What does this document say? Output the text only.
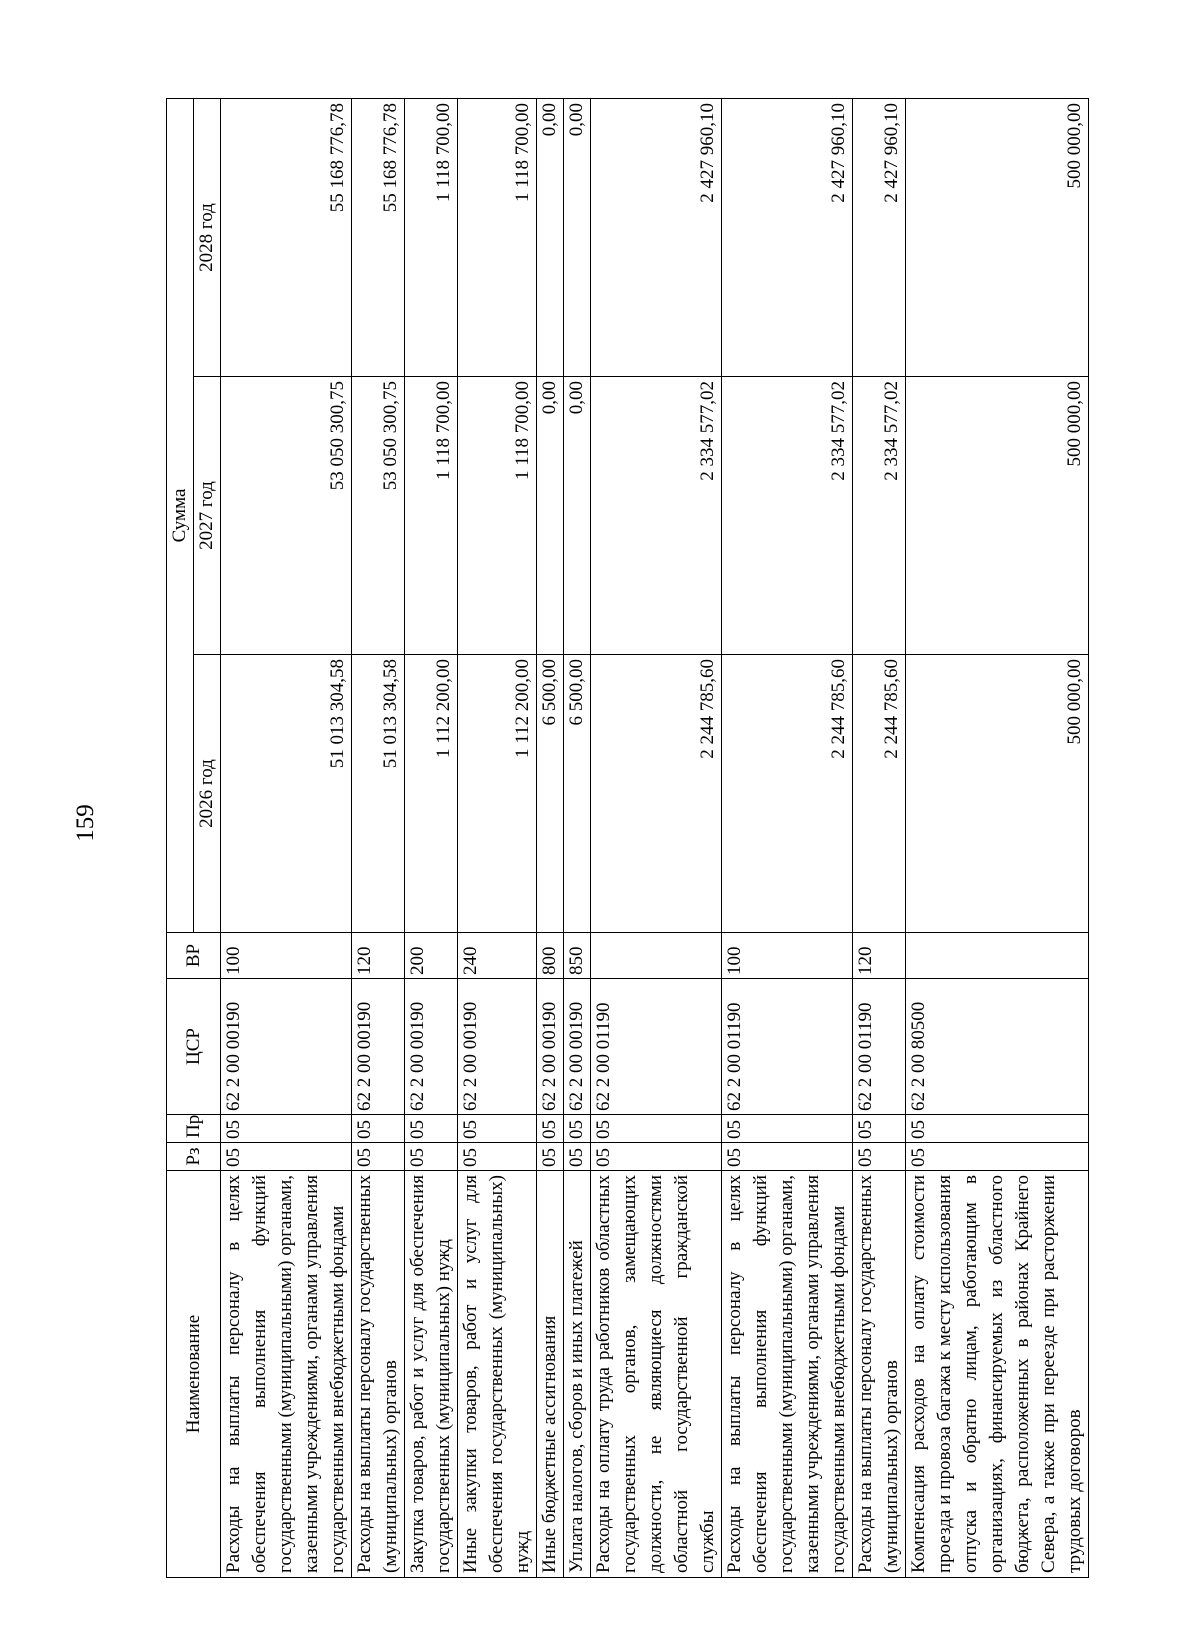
159
Наименование	Рз	Пр	ЦСР	ВР	Сумма		
					2026 год	2027 год	2028 год
Расходы на выплаты персоналу в целях обеспечения выполнения функций государственными (муниципальными) органами, казенными учреждениями, органами управления государственными внебюджетными фондами	05	05	62 2 00 00190	100	51 013 304,58	53 050 300,75	55 168 776,78
Расходы на выплаты персоналу государственных (муниципальных) органов	05	05	62 2 00 00190	120	51 013 304,58	53 050 300,75	55 168 776,78
Закупка товаров, работ и услуг для обеспечения государственных (муниципальных) нужд	05	05	62 2 00 00190	200	1 112 200,00	1 118 700,00	1 118 700,00
Иные закупки товаров, работ и услуг для обеспечения государственных (муниципальных) нужд	05	05	62 2 00 00190	240	1 112 200,00	1 118 700,00	1 118 700,00
Иные бюджетные ассигнования	05	05	62 2 00 00190	800	6 500,00	0,00	0,00
Уплата налогов, сборов и иных платежей	05	05	62 2 00 00190	850	6 500,00	0,00	0,00
Расходы на оплату труда работников областных государственных органов, замещающих должности, не являющиеся должностями областной государственной гражданской службы	05	05	62 2 00 01190		2 244 785,60	2 334 577,02	2 427 960,10
Расходы на выплаты персоналу в целях обеспечения выполнения функций государственными (муниципальными) органами, казенными учреждениями, органами управления государственными внебюджетными фондами	05	05	62 2 00 01190	100	2 244 785,60	2 334 577,02	2 427 960,10
Расходы на выплаты персоналу государственных (муниципальных) органов	05	05	62 2 00 01190	120	2 244 785,60	2 334 577,02	2 427 960,10
Компенсация расходов на оплату стоимости проезда и провоза багажа к месту использования отпуска и обратно лицам, работающим в организациях, финансируемых из областного бюджета, расположенных в районах Крайнего Севера, а также при переезде при расторжении трудовых договоров	05	05	62 2 00 80500		500 000,00	500 000,00	500 000,00
